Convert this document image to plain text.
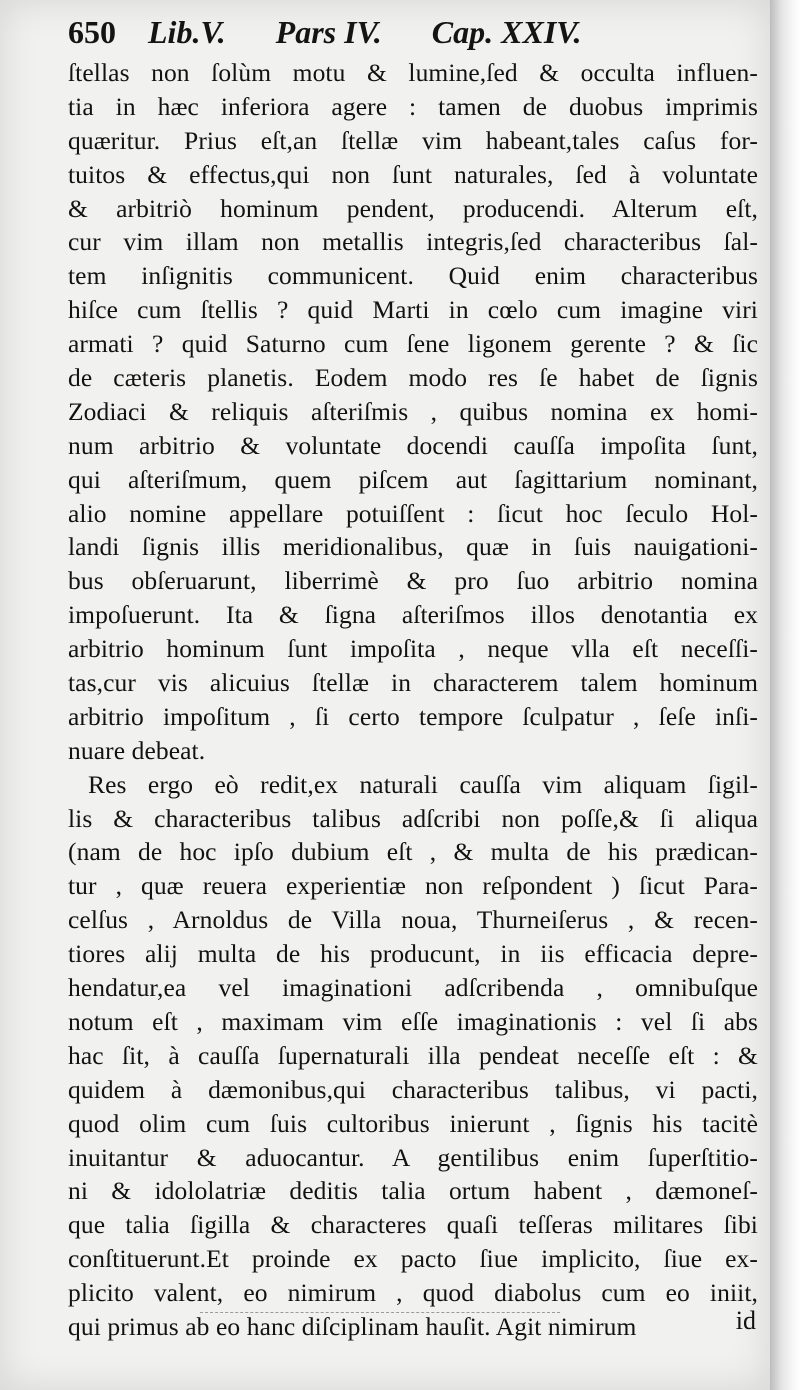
650 Lib.V. Pars IV. Cap. XXIV.
ſtellas non ſolùm motu & lumine,ſed & occulta influen-
tia in hæc inferiora agere : tamen de duobus imprimis
quæritur. Prius eſt,an ſtellæ vim habeant,tales caſus for-
tuitos & effectus,qui non ſunt naturales, ſed à voluntate
& arbitriò hominum pendent, producendi. Alterum eſt,
cur vim illam non metallis integris,ſed characteribus ſal-
tem inſignitis communicent. Quid enim characteribus
hiſce cum ſtellis ? quid Marti in cœlo cum imagine viri
armati ? quid Saturno cum ſene ligonem gerente ? & ſic
de cæteris planetis. Eodem modo res ſe habet de ſignis
Zodiaci & reliquis aſteriſmis , quibus nomina ex homi-
num arbitrio & voluntate docendi cauſſa impoſita ſunt,
qui aſteriſmum, quem piſcem aut ſagittarium nominant,
alio nomine appellare potuiſſent : ſicut hoc ſeculo Hol-
landi ſignis illis meridionalibus, quæ in ſuis nauigationi-
bus obſeruarunt, liberrimè & pro ſuo arbitrio nomina
impoſuerunt. Ita & ſigna aſteriſmos illos denotantia ex
arbitrio hominum ſunt impoſita , neque vlla eſt neceſſi-
tas,cur vis alicuius ſtellæ in characterem talem hominum
arbitrio impoſitum , ſi certo tempore ſculpatur , ſeſe inſi-
nuare debeat.
Res ergo eò redit,ex naturali cauſſa vim aliquam ſigil-
lis & characteribus talibus adſcribi non poſſe,& ſi aliqua
(nam de hoc ipſo dubium eſt , & multa de his prædican-
tur , quæ reuera experientiæ non reſpondent ) ſicut Para-
celſus , Arnoldus de Villa noua, Thurneiſerus , & recen-
tiores alij multa de his producunt, in iis efficacia depre-
hendatur,ea vel imaginationi adſcribenda , omnibuſque
notum eſt , maximam vim eſſe imaginationis : vel ſi abs
hac ſit, à cauſſa ſupernaturali illa pendeat neceſſe eſt : &
quidem à dæmonibus,qui characteribus talibus, vi pacti,
quod olim cum ſuis cultoribus inierunt , ſignis his tacitè
inuitantur & aduocantur. A gentilibus enim ſuperſtitio-
ni & idololatriæ deditis talia ortum habent , dæmoneſ-
que talia ſigilla & characteres quaſi teſſeras militares ſibi
conſtituerunt.Et proinde ex pacto ſiue implicito, ſiue ex-
plicito valent, eo nimirum , quod diabolus cum eo iniit,
qui primus ab eo hanc diſciplinam hauſit. Agit nimirum	id
